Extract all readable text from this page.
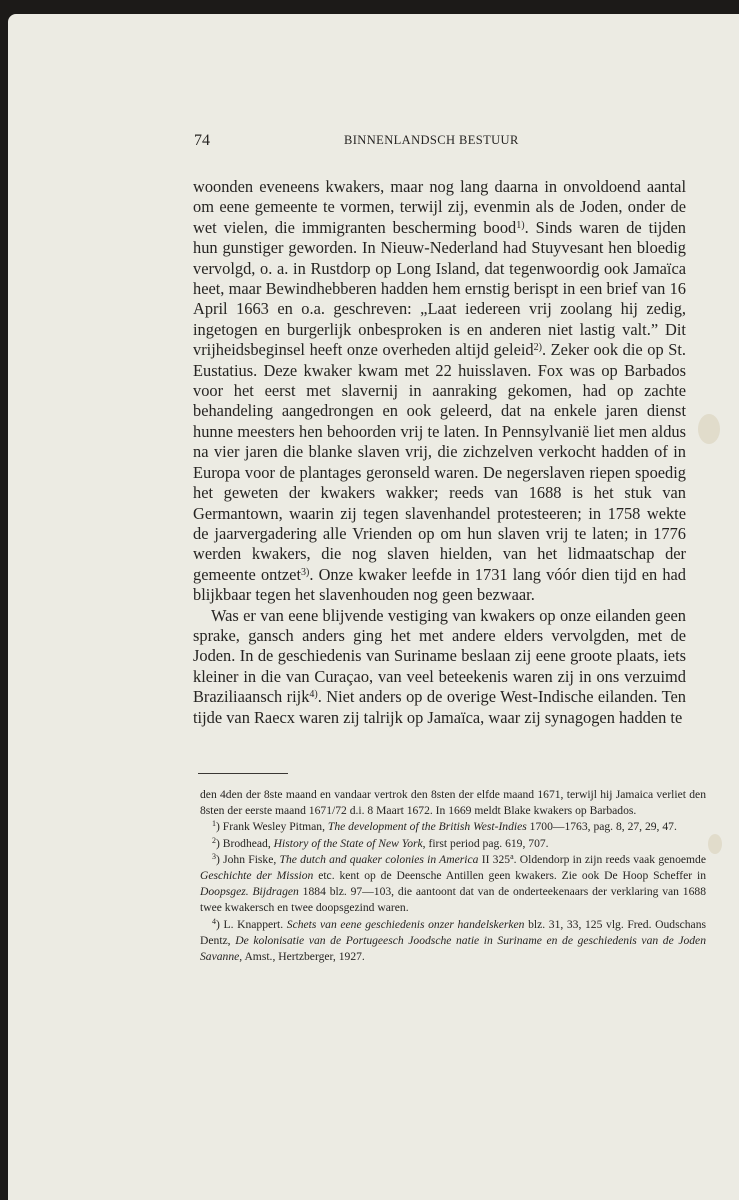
74	BINNENLANDSCH BESTUUR

woonden eveneens kwakers, maar nog lang daarna in onvoldoend aantal om eene gemeente te vormen, terwijl zij, evenmin als de Joden, onder de wet vielen, die immigranten bescherming bood$^{1)}$. Sinds waren de tijden hun gunstiger geworden. In Nieuw-Nederland had Stuyvesant hen bloedig vervolgd, o. a. in Rustdorp op Long Island, dat tegenwoordig ook Jamaïca heet, maar Bewindhebberen hadden hem ernstig berispt in een brief van 16 April 1663 en o.a. geschreven: „Laat iedereen vrij zoolang hij zedig, ingetogen en burgerlijk onbesproken is en anderen niet lastig valt.” Dit vrijheidsbeginsel heeft onze overheden altijd geleid$^{2)}$. Zeker ook die op St. Eustatius. Deze kwaker kwam met 22 huisslaven. Fox was op Barbados voor het eerst met slavernij in aanraking gekomen, had op zachte behandeling aangedrongen en ook geleerd, dat na enkele jaren dienst hunne meesters hen behoorden vrij te laten. In Pennsylvanië liet men aldus na vier jaren die blanke slaven vrij, die zichzelven verkocht hadden of in Europa voor de plantages geronseld waren. De negerslaven riepen spoedig het geweten der kwakers wakker; reeds van 1688 is het stuk van Germantown, waarin zij tegen slavenhandel protesteeren; in 1758 wekte de jaarvergadering alle Vrienden op om hun slaven vrij te laten; in 1776 werden kwakers, die nog slaven hielden, van het lidmaatschap der gemeente ontzet$^{3)}$. Onze kwaker leefde in 1731 lang vóór dien tijd en had blijkbaar tegen het slavenhouden nog geen bezwaar.

Was er van eene blijvende vestiging van kwakers op onze eilanden geen sprake, gansch anders ging het met andere elders vervolgden, met de Joden. In de geschiedenis van Suriname beslaan zij eene groote plaats, iets kleiner in die van Curaçao, van veel beteekenis waren zij in ons verzuimd Braziliaansch rijk$^{4)}$. Niet anders op de overige West-Indische eilanden. Ten tijde van Raecx waren zij talrijk op Jamaïca, waar zij synagogen hadden te

den 4den der 8ste maand en vandaar vertrok den 8sten der elfde maand 1671, terwijl hij Jamaica verliet den 8sten der eerste maand 1671/72 d.i. 8 Maart 1672. In 1669 meldt Blake kwakers op Barbados.

$^1$) Frank Wesley Pitman, The development of the British West-Indies 1700—1763, pag. 8, 27, 29, 47.

$^2$) Brodhead, History of the State of New York, first period pag. 619, 707.

$^3$) John Fiske, The dutch and quaker colonies in America II 325$^a$. Oldendorp in zijn reeds vaak genoemde Geschichte der Mission etc. kent op de Deensche Antillen geen kwakers. Zie ook De Hoop Scheffer in Doopsgez. Bijdragen 1884 blz. 97—103, die aantoont dat van de onderteekenaars der verklaring van 1688 twee kwakersch en twee doopsgezind waren.

$^4$) L. Knappert. Schets van eene geschiedenis onzer handelskerken blz. 31, 33, 125 vlg. Fred. Oudschans Dentz, De kolonisatie van de Portugeesch Joodsche natie in Suriname en de geschiedenis van de Joden Savanne, Amst., Hertzberger, 1927.
